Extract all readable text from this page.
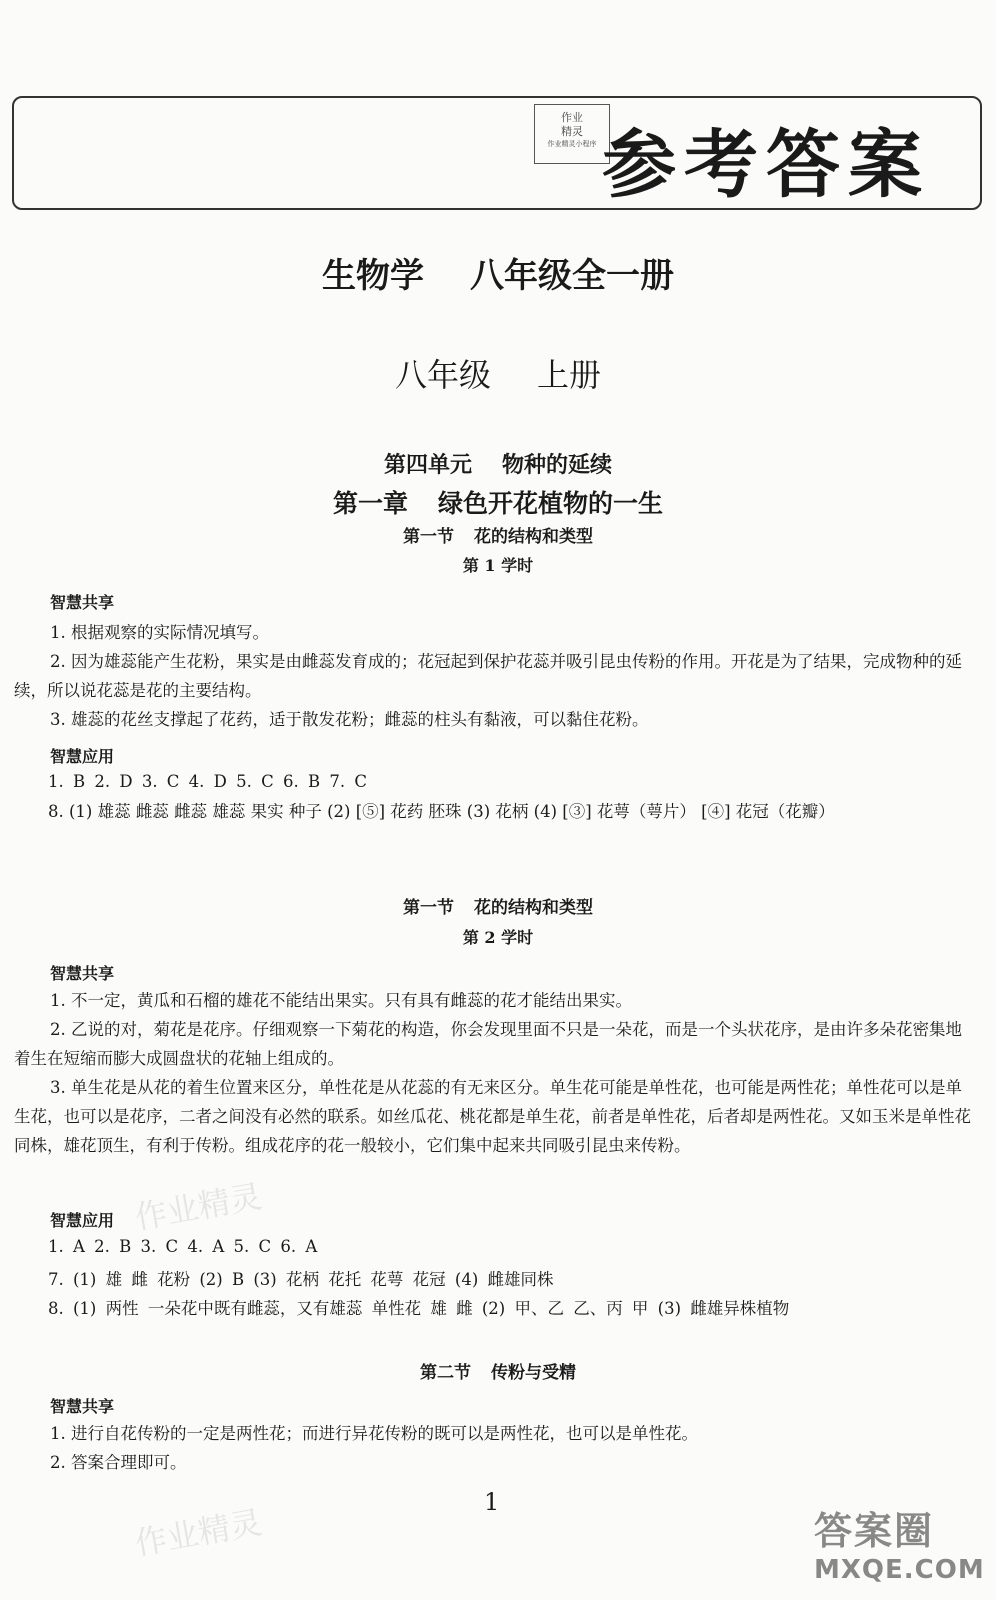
作业
精灵
作业精灵小程序 参考答案
生物学 八年级全一册
八年级 上册
第四单元 物种的延续
第一章 绿色开花植物的一生
第一节 花的结构和类型
第 1 学时
智慧共享

1. 根据观察的实际情况填写。

2. 因为雄蕊能产生花粉，果实是由雌蕊发育成的；花冠起到保护花蕊并吸引昆虫传粉的作用。开花是为了结果，完成物种的延续，所以说花蕊是花的主要结构。

3. 雄蕊的花丝支撑起了花药，适于散发花粉；雌蕊的柱头有黏液，可以黏住花粉。

智慧应用
1. B 2. D 3. C 4. D 5. C 6. B 7. C
8. (1) 雄蕊 雌蕊 雌蕊 雄蕊 果实 种子 (2) [⑤] 花药 胚珠 (3) 花柄 (4) [③] 花萼（萼片） [④] 花冠（花瓣）
第一节 花的结构和类型
第 2 学时
智慧共享

1. 不一定，黄瓜和石榴的雄花不能结出果实。只有具有雌蕊的花才能结出果实。

2. 乙说的对，菊花是花序。仔细观察一下菊花的构造，你会发现里面不只是一朵花，而是一个头状花序，是由许多朵花密集地着生在短缩而膨大成圆盘状的花轴上组成的。

3. 单生花是从花的着生位置来区分，单性花是从花蕊的有无来区分。单生花可能是单性花，也可能是两性花；单性花可以是单生花，也可以是花序，二者之间没有必然的联系。如丝瓜花、桃花都是单生花，前者是单性花，后者却是两性花。又如玉米是单性花同株，雄花顶生，有利于传粉。组成花序的花一般较小，它们集中起来共同吸引昆虫来传粉。

智慧应用
1. A 2. B 3. C 4. A 5. C 6. A
7. (1) 雄 雌 花粉 (2) B (3) 花柄 花托 花萼 花冠 (4) 雌雄同株
8. (1) 两性 一朵花中既有雌蕊，又有雄蕊 单性花 雄 雌 (2) 甲、乙 乙、丙 甲 (3) 雌雄异株植物
第二节 传粉与受精
智慧共享

1. 进行自花传粉的一定是两性花；而进行异花传粉的既可以是两性花，也可以是单性花。

2. 答案合理即可。

1
作业精灵
作业精灵	答案圈
MXQE.COM
